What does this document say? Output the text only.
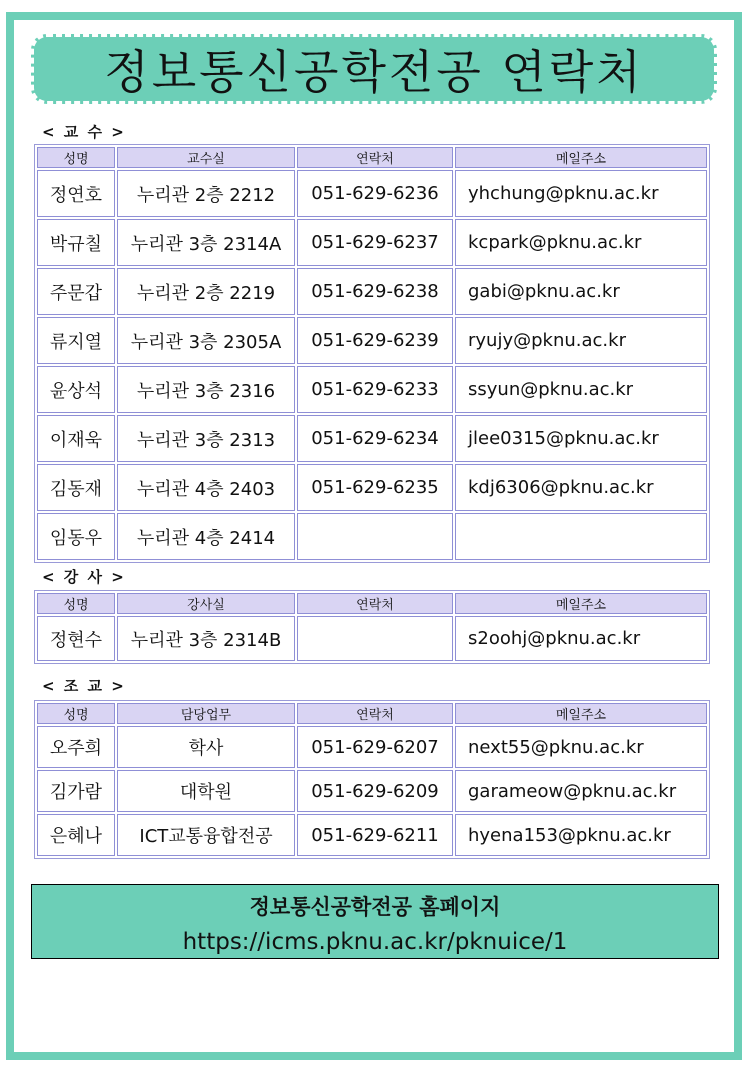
정보통신공학전공 연락처
< 교 수 >
성명	교수실	연락처	메일주소
정연호	누리관 2층 2212	051-629-6236	yhchung@pknu.ac.kr
박규칠	누리관 3층 2314A	051-629-6237	kcpark@pknu.ac.kr
주문갑	누리관 2층 2219	051-629-6238	gabi@pknu.ac.kr
류지열	누리관 3층 2305A	051-629-6239	ryujy@pknu.ac.kr
윤상석	누리관 3층 2316	051-629-6233	ssyun@pknu.ac.kr
이재욱	누리관 3층 2313	051-629-6234	jlee0315@pknu.ac.kr
김동재	누리관 4층 2403	051-629-6235	kdj6306@pknu.ac.kr
임동우	누리관 4층 2414		
< 강 사 >
성명	강사실	연락처	메일주소
정현수	누리관 3층 2314B		s2oohj@pknu.ac.kr
< 조 교 >
성명	담당업무	연락처	메일주소
오주희	학사	051-629-6207	next55@pknu.ac.kr
김가람	대학원	051-629-6209	garameow@pknu.ac.kr
은혜나	ICT교통융합전공	051-629-6211	hyena153@pknu.ac.kr
정보통신공학전공 홈페이지
https://icms.pknu.ac.kr/pknuice/1
